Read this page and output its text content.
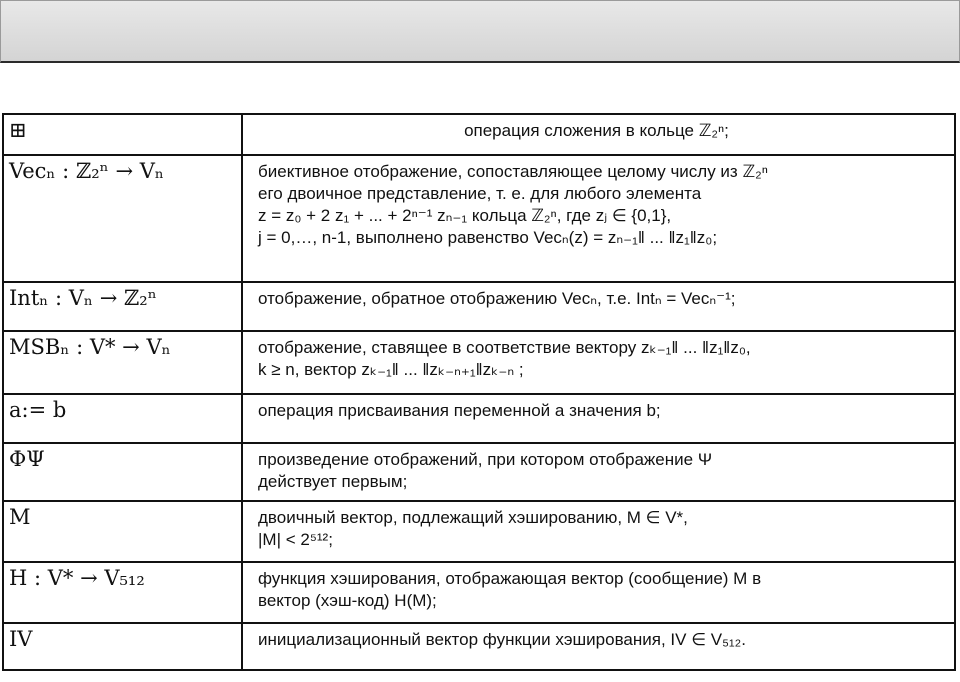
⊞	операция сложения в кольце ℤ₂ⁿ;

Vecₙ : ℤ₂ⁿ → Vₙ	биективное отображение, сопоставляющее целому числу из ℤ₂ⁿ
его двоичное представление, т. е. для любого элемента
z = z₀ + 2 z₁ + ... + 2ⁿ⁻¹ zₙ₋₁ кольца ℤ₂ⁿ, где zⱼ ∈ {0,1},
j = 0,…, n-1, выполнено равенство Vecₙ(z) = zₙ₋₁‖ ... ‖z₁‖z₀;

Intₙ : Vₙ → ℤ₂ⁿ	отображение, обратное отображению Vecₙ, т.е. Intₙ = Vecₙ⁻¹;

MSBₙ : V* → Vₙ	отображение, ставящее в соответствие вектору zₖ₋₁‖ ... ‖z₁‖z₀,
k ≥ n, вектор zₖ₋₁‖ ... ‖zₖ₋ₙ₊₁‖zₖ₋ₙ ;

a:= b	операция присваивания переменной a значения b;

ΦΨ	произведение отображений, при котором отображение Ψ
действует первым;

M	двоичный вектор, подлежащий хэшированию, M ∈ V*,
|M| < 2⁵¹²;

H : V* → V₅₁₂	функция хэширования, отображающая вектор (сообщение) M в
вектор (хэш-код) H(M);

IV	инициализационный вектор функции хэширования, IV ∈ V₅₁₂.
